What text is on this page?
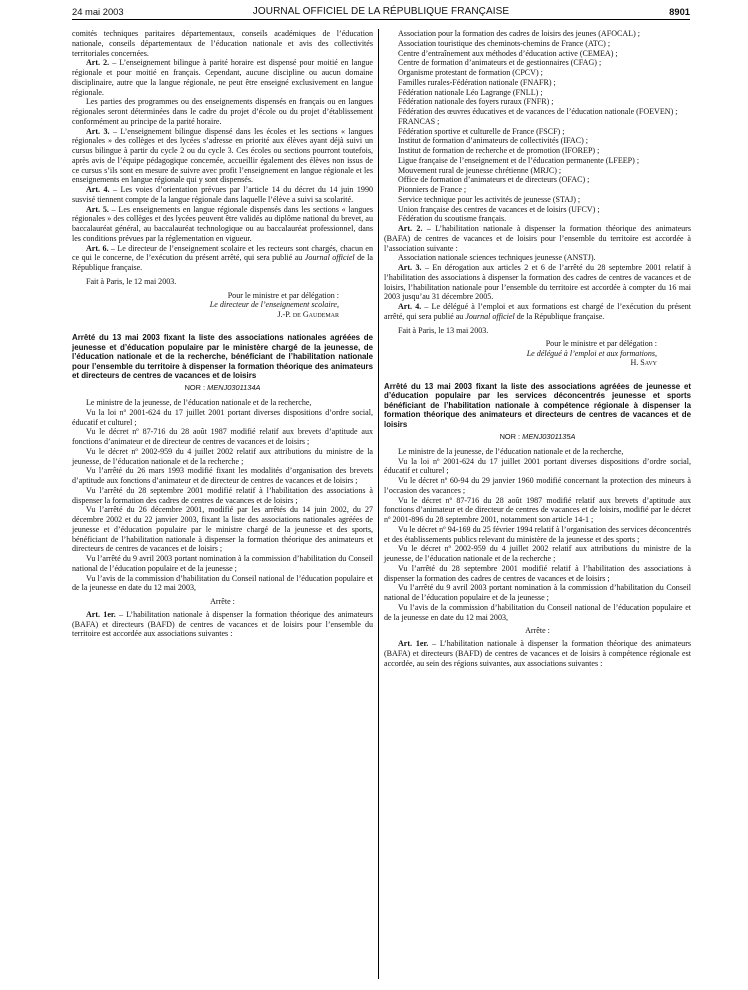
24 mai 2003	JOURNAL OFFICIEL DE LA RÉPUBLIQUE FRANÇAISE	8901

comités techniques paritaires départementaux, conseils académiques de l’éducation nationale, conseils départementaux de l’éducation nationale et avis des collectivités territoriales concernées.

Art. 2. – L’enseignement bilingue à parité horaire est dispensé pour moitié en langue régionale et pour moitié en français. Cependant, aucune discipline ou aucun domaine disciplinaire, autre que la langue régionale, ne peut être enseigné exclusivement en langue régionale.

Les parties des programmes ou des enseignements dispensés en français ou en langues régionales seront déterminées dans le cadre du projet d’école ou du projet d’établissement conformément au principe de la parité horaire.

Art. 3. – L’enseignement bilingue dispensé dans les écoles et les sections « langues régionales » des collèges et des lycées s’adresse en priorité aux élèves ayant déjà suivi un cursus bilingue à partir du cycle 2 ou du cycle 3. Ces écoles ou sections pourront toutefois, après avis de l’équipe pédagogique concernée, accueillir également des élèves non issus de ce cursus s’ils sont en mesure de suivre avec profit l’enseignement en langue régionale et les enseignements en langue régionale qui y sont dispensés.

Art. 4. – Les voies d’orientation prévues par l’article 14 du décret du 14 juin 1990 susvisé tiennent compte de la langue régionale dans laquelle l’élève a suivi sa scolarité.

Art. 5. – Les enseignements en langue régionale dispensés dans les sections « langues régionales » des collèges et des lycées peuvent être validés au diplôme national du brevet, au baccalauréat général, au baccalauréat technologique ou au baccalauréat professionnel, dans les conditions prévues par la réglementation en vigueur.

Art. 6. – Le directeur de l’enseignement scolaire et les recteurs sont chargés, chacun en ce qui le concerne, de l’exécution du présent arrêté, qui sera publié au Journal officiel de la République française.

Fait à Paris, le 12 mai 2003.

Pour le ministre et par délégation :
Le directeur de l’enseignement scolaire,
J.-P. de Gaudemar

Arrêté du 13 mai 2003 fixant la liste des associations nationales agréées de jeunesse et d’éducation populaire par le ministère chargé de la jeunesse, de l’éducation nationale et de la recherche, bénéficiant de l’habilitation nationale pour l’ensemble du territoire à dispenser la formation théorique des animateurs et directeurs de centres de vacances et de loisirs

NOR : MENJ0301134A

Le ministre de la jeunesse, de l’éducation nationale et de la recherche,

Vu la loi nº 2001-624 du 17 juillet 2001 portant diverses dispositions d’ordre social, éducatif et culturel ;

Vu le décret nº 87-716 du 28 août 1987 modifié relatif aux brevets d’aptitude aux fonctions d’animateur et de directeur de centres de vacances et de loisirs ;

Vu le décret nº 2002-959 du 4 juillet 2002 relatif aux attributions du ministre de la jeunesse, de l’éducation nationale et de la recherche ;

Vu l’arrêté du 26 mars 1993 modifié fixant les modalités d’organisation des brevets d’aptitude aux fonctions d’animateur et de directeur de centres de vacances et de loisirs ;

Vu l’arrêté du 28 septembre 2001 modifié relatif à l’habilitation des associations à dispenser la formation des cadres de centres de vacances et de loisirs ;

Vu l’arrêté du 26 décembre 2001, modifié par les arrêtés du 14 juin 2002, du 27 décembre 2002 et du 22 janvier 2003, fixant la liste des associations nationales agréées de jeunesse et d’éducation populaire par le ministre chargé de la jeunesse et des sports, bénéficiant de l’habilitation nationale à dispenser la formation théorique des animateurs et directeurs de centres de vacances et de loisirs ;

Vu l’arrêté du 9 avril 2003 portant nomination à la commission d’habilitation du Conseil national de l’éducation populaire et de la jeunesse ;

Vu l’avis de la commission d’habilitation du Conseil national de l’éducation populaire et de la jeunesse en date du 12 mai 2003,

Arrête :

Art. 1er. – L’habilitation nationale à dispenser la formation théorique des animateurs (BAFA) et directeurs (BAFD) de centres de vacances et de loisirs pour l’ensemble du territoire est accordée aux associations suivantes :

Association pour la formation des cadres de loisirs des jeunes (AFOCAL) ;

Association touristique des cheminots-chemins de France (ATC) ;

Centre d’entraînement aux méthodes d’éducation active (CEMEA) ;

Centre de formation d’animateurs et de gestionnaires (CFAG) ;

Organisme protestant de formation (CPCV) ;

Familles rurales-Fédération nationale (FNAFR) ;

Fédération nationale Léo Lagrange (FNLL) ;

Fédération nationale des foyers ruraux (FNFR) ;

Fédération des œuvres éducatives et de vacances de l’éducation nationale (FOEVEN) ;

FRANCAS ;

Fédération sportive et culturelle de France (FSCF) ;

Institut de formation d’animateurs de collectivités (IFAC) ;

Institut de formation de recherche et de promotion (IFOREP) ;

Ligue française de l’enseignement et de l’éducation permanente (LFEEP) ;

Mouvement rural de jeunesse chrétienne (MRJC) ;

Office de formation d’animateurs et de directeurs (OFAC) ;

Pionniers de France ;

Service technique pour les activités de jeunesse (STAJ) ;

Union française des centres de vacances et de loisirs (UFCV) ;

Fédération du scoutisme français.

Art. 2. – L’habilitation nationale à dispenser la formation théorique des animateurs (BAFA) de centres de vacances et de loisirs pour l’ensemble du territoire est accordée à l’association suivante :

Association nationale sciences techniques jeunesse (ANSTJ).

Art. 3. – En dérogation aux articles 2 et 6 de l’arrêté du 28 septembre 2001 relatif à l’habilitation des associations à dispenser la formation des cadres de centres de vacances et de loisirs, l’habilitation nationale pour l’ensemble du territoire est accordée à compter du 16 mai 2003 jusqu’au 31 décembre 2005.

Art. 4. – Le délégué à l’emploi et aux formations est chargé de l’exécution du présent arrêté, qui sera publié au Journal officiel de la République française.

Fait à Paris, le 13 mai 2003.

Pour le ministre et par délégation :
Le délégué à l’emploi et aux formations,
H. Savy

Arrêté du 13 mai 2003 fixant la liste des associations agréées de jeunesse et d’éducation populaire par les services déconcentrés jeunesse et sports bénéficiant de l’habilitation nationale à compétence régionale à dispenser la formation théorique des animateurs et directeurs de centres de vacances et de loisirs

NOR : MENJ0301135A

Le ministre de la jeunesse, de l’éducation nationale et de la recherche,

Vu la loi nº 2001-624 du 17 juillet 2001 portant diverses dispositions d’ordre social, éducatif et culturel ;

Vu le décret nº 60-94 du 29 janvier 1960 modifié concernant la protection des mineurs à l’occasion des vacances ;

Vu le décret nº 87-716 du 28 août 1987 modifié relatif aux brevets d’aptitude aux fonctions d’animateur et de directeur de centres de vacances et de loisirs, modifié par le décret nº 2001-896 du 28 septembre 2001, notamment son article 14-1 ;

Vu le décret nº 94-169 du 25 février 1994 relatif à l’organisation des services déconcentrés et des établissements publics relevant du ministère de la jeunesse et des sports ;

Vu le décret nº 2002-959 du 4 juillet 2002 relatif aux attributions du ministre de la jeunesse, de l’éducation nationale et de la recherche ;

Vu l’arrêté du 28 septembre 2001 modifié relatif à l’habilitation des associations à dispenser la formation des cadres de centres de vacances et de loisirs ;

Vu l’arrêté du 9 avril 2003 portant nomination à la commission d’habilitation du Conseil national de l’éducation populaire et de la jeunesse ;

Vu l’avis de la commission d’habilitation du Conseil national de l’éducation populaire et de la jeunesse en date du 12 mai 2003,

Arrête :

Art. 1er. – L’habilitation nationale à dispenser la formation théorique des animateurs (BAFA) et directeurs (BAFD) de centres de vacances et de loisirs à compétence régionale est accordée, au sein des régions suivantes, aux associations suivantes :
